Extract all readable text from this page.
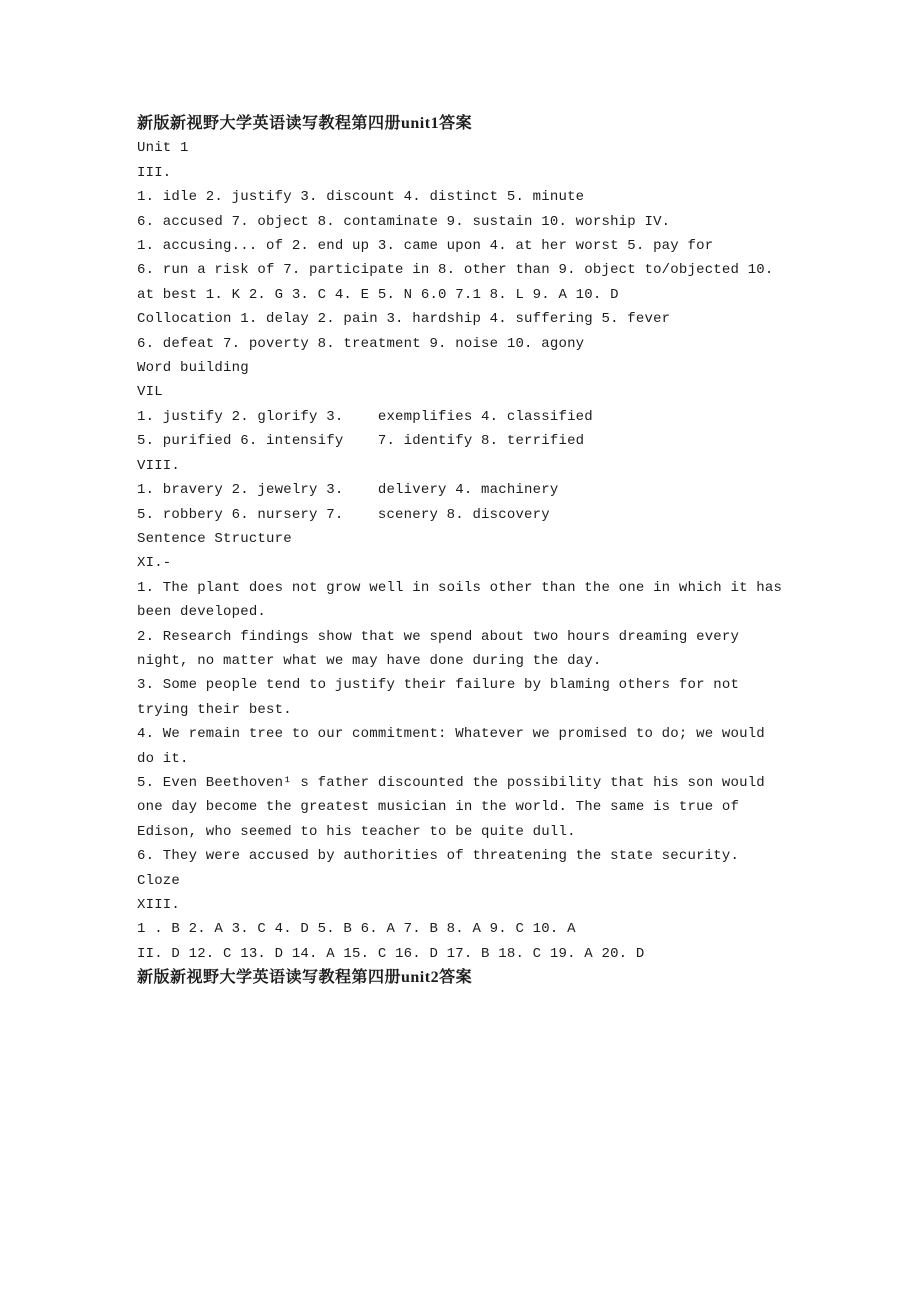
新版新视野大学英语读写教程第四册unit1答案
Unit 1
III.
1. idle 2. justify 3. discount 4. distinct 5. minute
6. accused 7. object 8. contaminate 9. sustain 10. worship IV.
1. accusing... of 2. end up 3. came upon 4. at her worst 5. pay for
6. run a risk of 7. participate in 8. other than 9. object to/objected 10.
at best 1. K 2. G 3. C 4. E 5. N 6.0 7.1 8. L 9. A 10. D
Collocation 1. delay 2. pain 3. hardship 4. suffering 5. fever
6. defeat 7. poverty 8. treatment 9. noise 10. agony
Word building
VIL
1. justify 2. glorify 3.    exemplifies 4. classified
5. purified 6. intensify    7. identify 8. terrified
VIII.
1. bravery 2. jewelry 3.    delivery 4. machinery
5. robbery 6. nursery 7.    scenery 8. discovery
Sentence Structure
XI.-
1. The plant does not grow well in soils other than the one in which it has
been developed.
2. Research findings show that we spend about two hours dreaming every
night, no matter what we may have done during the day.
3. Some people tend to justify their failure by blaming others for not
trying their best.
4. We remain tree to our commitment: Whatever we promised to do; we would
do it.
5. Even Beethoven¹ s father discounted the possibility that his son would
one day become the greatest musician in the world. The same is true of
Edison, who seemed to his teacher to be quite dull.
6. They were accused by authorities of threatening the state security.
Cloze
XIII.
1 . B 2. A 3. C 4. D 5. B 6. A 7. B 8. A 9. C 10. A
II. D 12. C 13. D 14. A 15. C 16. D 17. B 18. C 19. A 20. D
新版新视野大学英语读写教程第四册unit2答案
